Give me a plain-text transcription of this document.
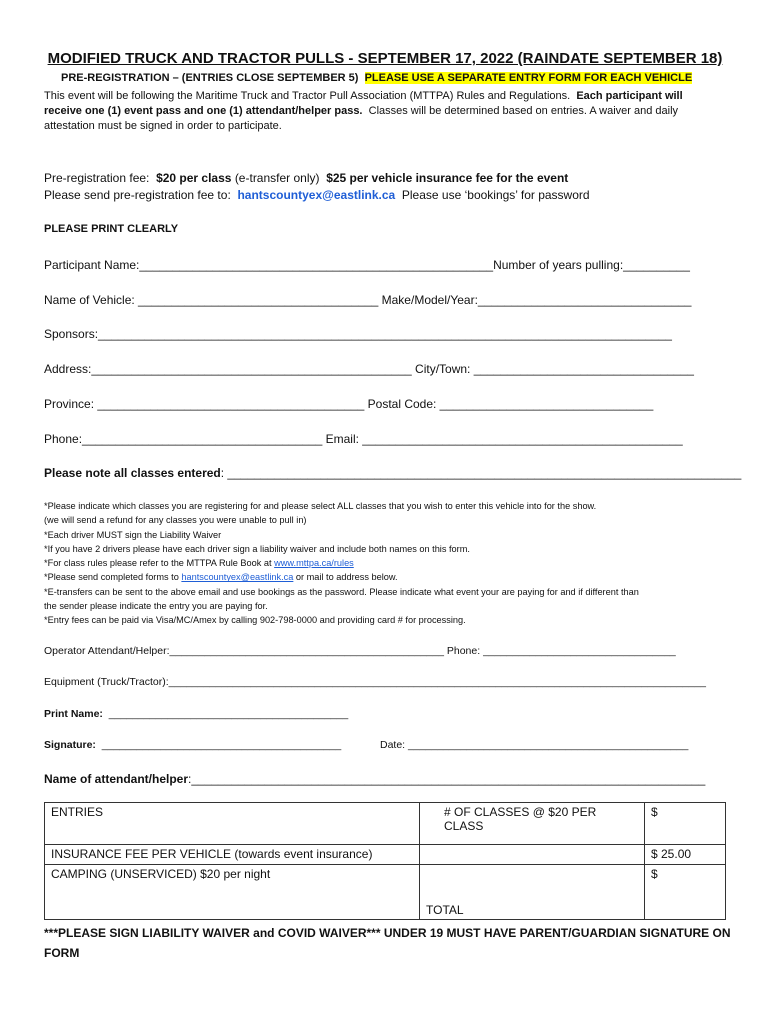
MODIFIED TRUCK AND TRACTOR PULLS - SEPTEMBER 17, 2022 (RAINDATE SEPTEMBER 18)
PRE-REGISTRATION – (ENTRIES CLOSE SEPTEMBER 5) PLEASE USE A SEPARATE ENTRY FORM FOR EACH VEHICLE
This event will be following the Maritime Truck and Tractor Pull Association (MTTPA) Rules and Regulations. Each participant will
receive one (1) event pass and one (1) attendant/helper pass. Classes will be determined based on entries. A waiver and daily
attestation must be signed in order to participate.
Pre-registration fee: $20 per class (e-transfer only) $25 per vehicle insurance fee for the event
Please send pre-registration fee to: hantscountyex@eastlink.ca Please use ‘bookings’ for password
PLEASE PRINT CLEARLY
Participant Name:_____________________________________________________Number of years pulling:__________
Name of Vehicle: ____________________________________ Make/Model/Year:________________________________
Sponsors:______________________________________________________________________________________
Address:________________________________________________ City/Town: _________________________________
Province: ________________________________________ Postal Code: ________________________________
Phone:____________________________________ Email: ________________________________________________
Please note all classes entered: _____________________________________________________________________________
*Please indicate which classes you are registering for and please select ALL classes that you wish to enter this vehicle into for the show.
(we will send a refund for any classes you were unable to pull in)
*Each driver MUST sign the Liability Waiver
*If you have 2 drivers please have each driver sign a liability waiver and include both names on this form.
*For class rules please refer to the MTTPA Rule Book at www.mttpa.ca/rules
*Please send completed forms to hantscountyex@eastlink.ca or mail to address below.
*E-transfers can be sent to the above email and use bookings as the password. Please indicate what event your are paying for and if different than
the sender please indicate the entry you are paying for.
*Entry fees can be paid via Visa/MC/Amex by calling 902-798-0000 and providing card # for processing.
Operator Attendant/Helper:_______________________________________________ Phone: _________________________________
Equipment (Truck/Tractor):____________________________________________________________________________________________
Print Name: _________________________________________
Signature: _________________________________________	Date: ________________________________________________
Name of attendant/helper:_____________________________________________________________________________
ENTRIES	# OF CLASSES @ $20 PER CLASS	$
INSURANCE FEE PER VEHICLE (towards event insurance)		$ 25.00
CAMPING (UNSERVICED) $20 per night	TOTAL	$
***PLEASE SIGN LIABILITY WAIVER and COVID WAIVER*** UNDER 19 MUST HAVE PARENT/GUARDIAN SIGNATURE ON FORM
